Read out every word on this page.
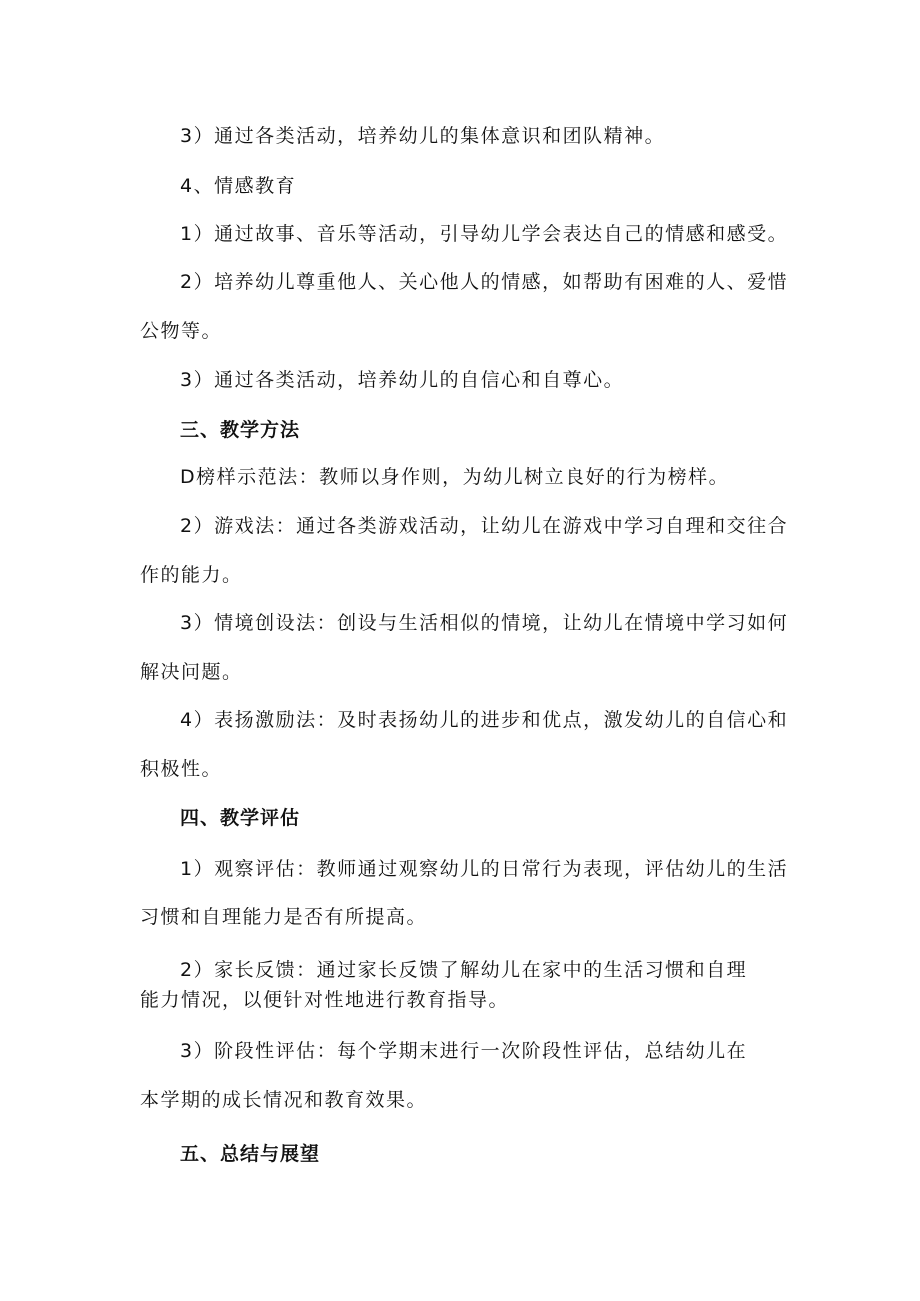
3）通过各类活动，培养幼儿的集体意识和团队精神。

4、情感教育

1）通过故事、音乐等活动，引导幼儿学会表达自己的情感和感受。

2）培养幼儿尊重他人、关心他人的情感，如帮助有困难的人、爱惜

公物等。

3）通过各类活动，培养幼儿的自信心和自尊心。

三、教学方法

D榜样示范法：教师以身作则，为幼儿树立良好的行为榜样。

2）游戏法：通过各类游戏活动，让幼儿在游戏中学习自理和交往合

作的能力。

3）情境创设法：创设与生活相似的情境，让幼儿在情境中学习如何

解决问题。

4）表扬激励法：及时表扬幼儿的进步和优点，激发幼儿的自信心和

积极性。

四、教学评估

1）观察评估：教师通过观察幼儿的日常行为表现，评估幼儿的生活

习惯和自理能力是否有所提高。

2）家长反馈：通过家长反馈了解幼儿在家中的生活习惯和自理

能力情况，以便针对性地进行教育指导。

3）阶段性评估：每个学期末进行一次阶段性评估，总结幼儿在

本学期的成长情况和教育效果。

五、总结与展望
